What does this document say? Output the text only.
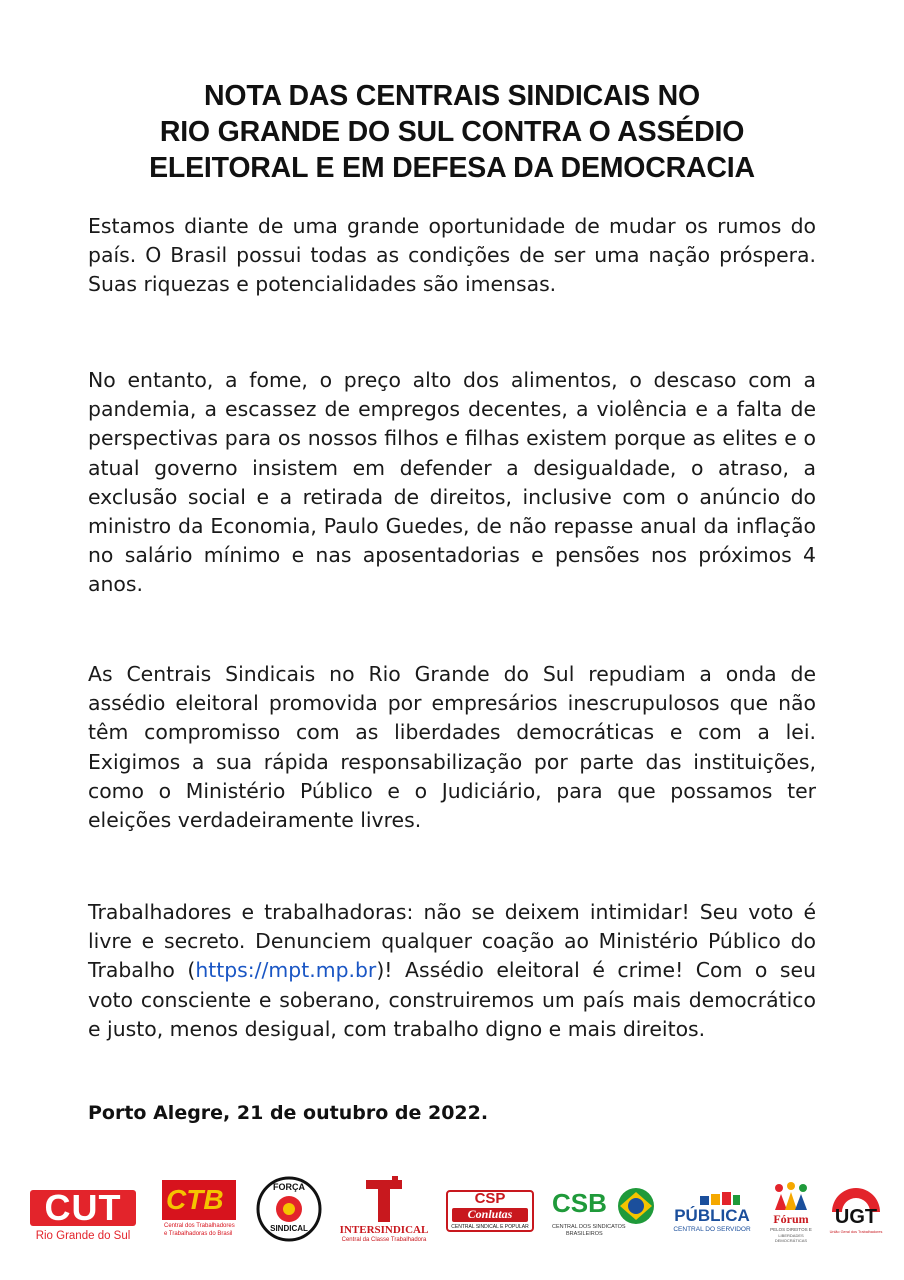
NOTA DAS CENTRAIS SINDICAIS NO
RIO GRANDE DO SUL CONTRA O ASSÉDIO
ELEITORAL E EM DEFESA DA DEMOCRACIA

Estamos diante de uma grande oportunidade de mudar os rumos do país. O Brasil possui todas as condições de ser uma nação próspera. Suas riquezas e potencialidades são imensas.

No entanto, a fome, o preço alto dos alimentos, o descaso com a pandemia, a escassez de empregos decentes, a violência e a falta de perspectivas para os nossos filhos e filhas existem porque as elites e o atual governo insistem em defender a desigualdade, o atraso, a exclusão social e a retirada de direitos, inclusive com o anúncio do ministro da Economia, Paulo Guedes, de não repasse anual da inflação no salário mínimo e nas aposentadorias e pensões nos próximos 4 anos.

As Centrais Sindicais no Rio Grande do Sul repudiam a onda de assédio eleitoral promovida por empresários inescrupulosos que não têm compromisso com as liberdades democráticas e com a lei. Exigimos a sua rápida responsabilização por parte das instituições, como o Ministério Público e o Judiciário, para que possamos ter eleições verdadeiramente livres.

Trabalhadores e trabalhadoras: não se deixem intimidar! Seu voto é livre e secreto. Denunciem qualquer coação ao Ministério Público do Trabalho (https://mpt.mp.br)! Assédio eleitoral é crime! Com o seu voto consciente e soberano, construiremos um país mais democrático e justo, menos desigual, com trabalho digno e mais direitos.

Porto Alegre, 21 de outubro de 2022.
CUT
Rio Grande do Sul
CTB
Central dos Trabalhadores
e Trabalhadoras do Brasil
FORÇA
SINDICAL	INTERSINDICAL
Central da Classe Trabalhadora
CSP
Conlutas
CENTRAL SINDICAL E POPULAR
CSB
CENTRAL DOS SINDICATOS
BRASILEIROS
PÚBLICA
CENTRAL DO SERVIDOR
Fórum
PELOS DIREITOS E
LIBERDADES DEMOCRÁTICAS
UGT
União Geral dos Trabalhadores
